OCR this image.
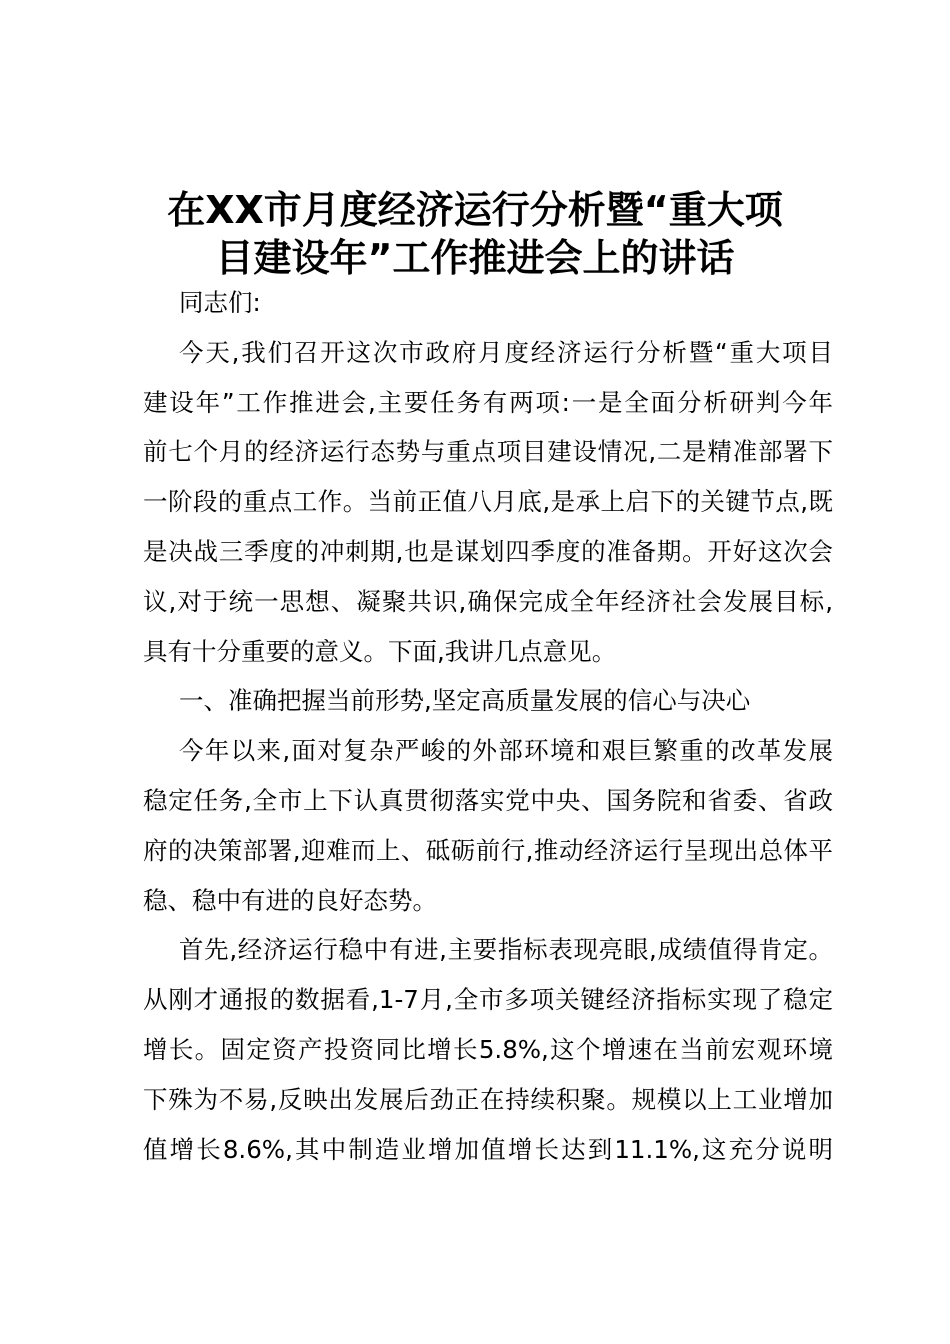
在XX市月度经济运行分析暨“重大项
目建设年”工作推进会上的讲话
同志们:
今天,我们召开这次市政府月度经济运行分析暨“重大项目
建设年”工作推进会,主要任务有两项:一是全面分析研判今年
前七个月的经济运行态势与重点项目建设情况,二是精准部署下
一阶段的重点工作。当前正值八月底,是承上启下的关键节点,既
是决战三季度的冲刺期,也是谋划四季度的准备期。开好这次会
议,对于统一思想、凝聚共识,确保完成全年经济社会发展目标,
具有十分重要的意义。下面,我讲几点意见。
一、准确把握当前形势,坚定高质量发展的信心与决心
今年以来,面对复杂严峻的外部环境和艰巨繁重的改革发展
稳定任务,全市上下认真贯彻落实党中央、国务院和省委、省政
府的决策部署,迎难而上、砥砺前行,推动经济运行呈现出总体平
稳、稳中有进的良好态势。
首先,经济运行稳中有进,主要指标表现亮眼,成绩值得肯定。
从刚才通报的数据看,1-7月,全市多项关键经济指标实现了稳定
增长。固定资产投资同比增长5.8%,这个增速在当前宏观环境
下殊为不易,反映出发展后劲正在持续积聚。规模以上工业增加
值增长8.6%,其中制造业增加值增长达到11.1%,这充分说明
